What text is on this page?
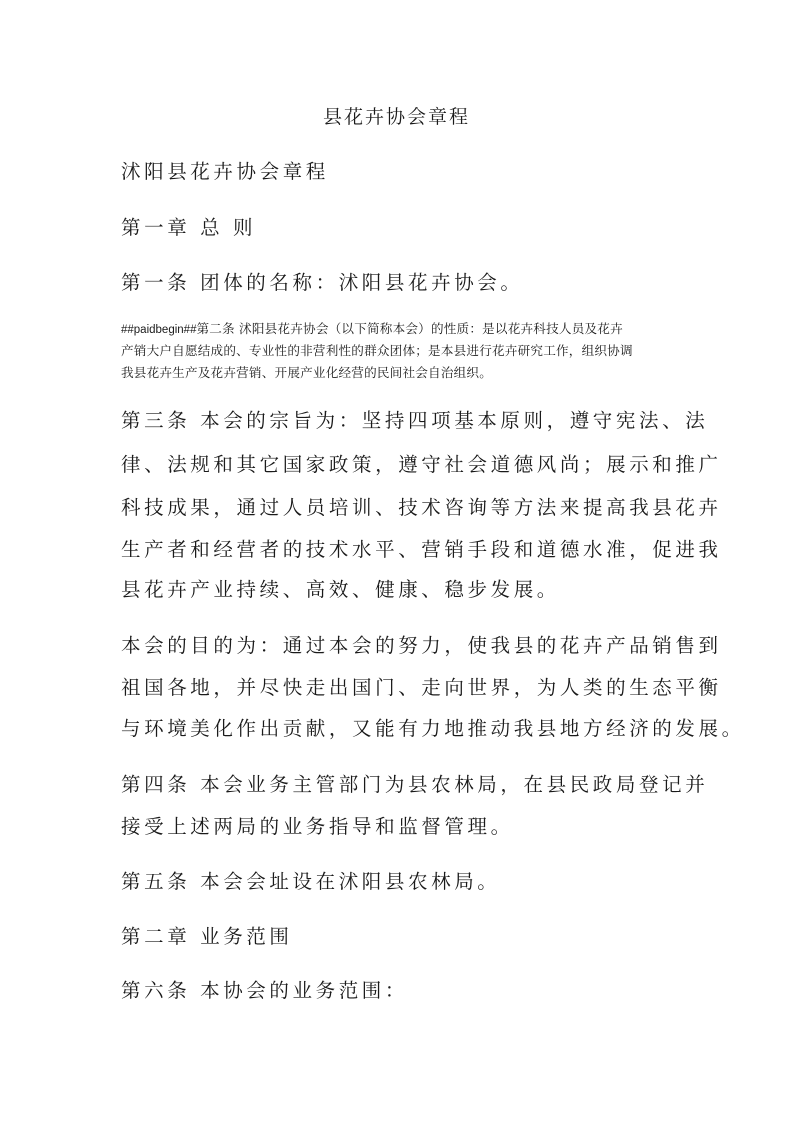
县花卉协会章程
沭阳县花卉协会章程
第一章 总 则
第一条 团体的名称：沭阳县花卉协会。
##paidbegin##第二条 沭阳县花卉协会（以下简称本会）的性质：是以花卉科技人员及花卉
产销大户自愿结成的、专业性的非营利性的群众团体；是本县进行花卉研究工作，组织协调
我县花卉生产及花卉营销、开展产业化经营的民间社会自治组织。
第三条 本会的宗旨为：坚持四项基本原则，遵守宪法、法
律、法规和其它国家政策，遵守社会道德风尚；展示和推广
科技成果，通过人员培训、技术咨询等方法来提高我县花卉
生产者和经营者的技术水平、营销手段和道德水准，促进我
县花卉产业持续、高效、健康、稳步发展。
本会的目的为：通过本会的努力，使我县的花卉产品销售到
祖国各地，并尽快走出国门、走向世界，为人类的生态平衡
与环境美化作出贡献，又能有力地推动我县地方经济的发展。
第四条 本会业务主管部门为县农林局，在县民政局登记并
接受上述两局的业务指导和监督管理。
第五条 本会会址设在沭阳县农林局。
第二章 业务范围
第六条 本协会的业务范围：
